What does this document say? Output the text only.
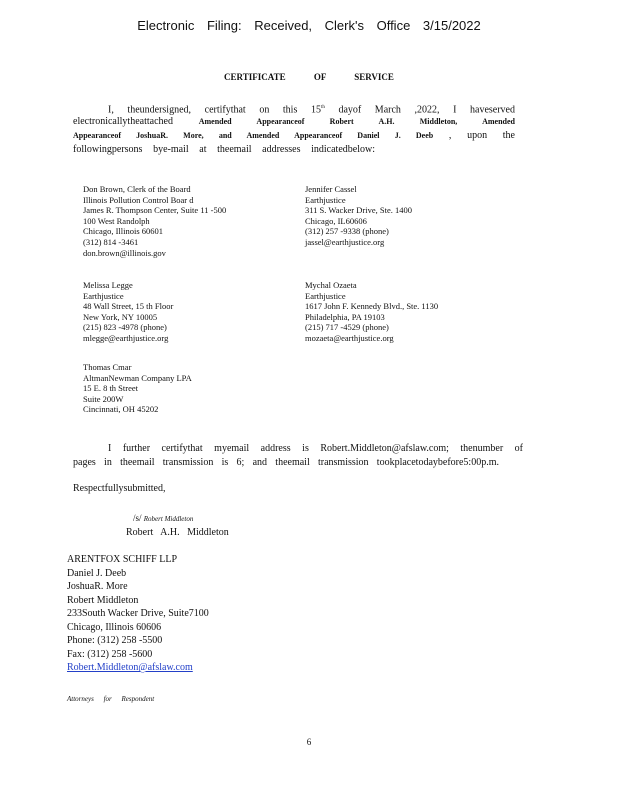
Electronic Filing: Received, Clerk's Office 3/15/2022
CERTIFICATE OF SERVICE
I, theundersigned, certifythat on this 15th dayof March ,2022, I haveserved
electronicallytheattached	Amended Appearanceof Robert A.H. Middleton, Amended
Appearanceof JoshuaR. More, and Amended Appearanceof Daniel J. Deeb , upon the
followingpersons bye-mail at theemail addresses indicatedbelow:
Don Brown, Clerk of the Board
Illinois Pollution Control Boar d
James R. Thompson Center, Suite 11 -500
100 West Randolph
Chicago, Illinois 60601
(312) 814 -3461
don.brown@illinois.gov
Jennifer Cassel
Earthjustice
311 S. Wacker Drive, Ste. 1400
Chicago, IL60606
(312) 257 -9338 (phone)
jassel@earthjustice.org
Melissa Legge
Earthjustice
48 Wall Street, 15 th Floor
New York, NY 10005
(215) 823 -4978 (phone)
mlegge@earthjustice.org
Mychal Ozaeta
Earthjustice
1617 John F. Kennedy Blvd., Ste. 1130
Philadelphia, PA 19103
(215) 717 -4529 (phone)
mozaeta@earthjustice.org
Thomas Cmar
AltmanNewman Company LPA
15 E. 8 th Street
Suite 200W
Cincinnati, OH 45202
I further certifythat myemail address is Robert.Middleton@afslaw.com; thenumber of
pages in theemail transmission is 6; and theemail transmission tookplacetodaybefore5:00p.m.
Respectfullysubmitted,
/s/ Robert Middleton
Robert A.H. Middleton
ARENTFOX SCHIFF LLP
Daniel J. Deeb
JoshuaR. More
Robert Middleton
233South Wacker Drive, Suite7100
Chicago, Illinois 60606
Phone: (312) 258 -5500
Fax: (312) 258 -5600
Robert.Middleton@afslaw.com
Attorneys for Respondent
6
